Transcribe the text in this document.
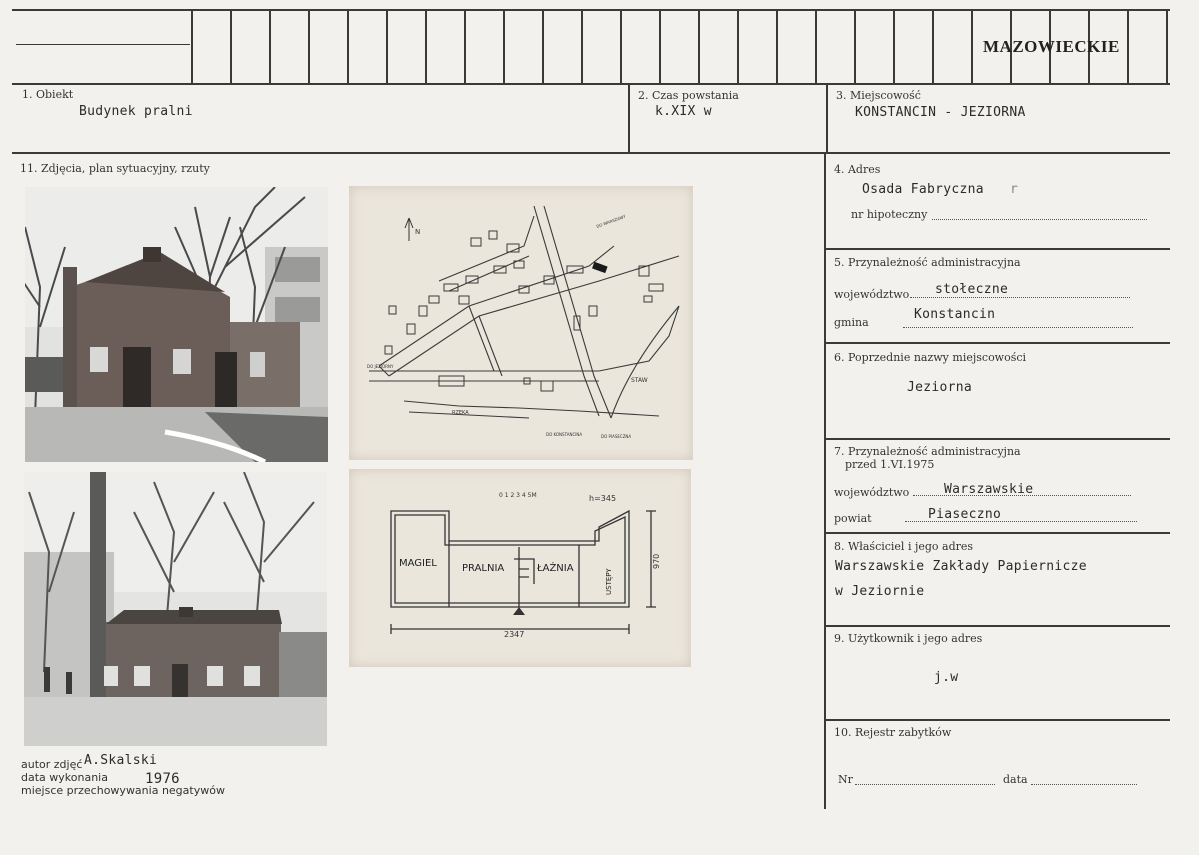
MAZOWIECKIE
1. Obiekt
Budynek pralni
2. Czas powstania
k.XIX w
3. Miejscowość
KONSTANCIN - JEZIORNA
11. Zdjęcia, plan sytuacyjny, rzuty	4. Adres
Osada Fabryczna r
nr hipoteczny
5. Przynależność administracyjna
województwo stołeczne
gmina
Konstancin
6. Poprzednie nazwy miejscowości
Jeziorna
7. Przynależność administracyjna
przed 1.VI.1975
województwo	Warszawskie
powiat	Piaseczno
8. Właściciel i jego adres
Warszawskie Zakłady Papiernicze
w Jeziornie
9. Użytkownik i jego adres
j.w
10. Rejestr zabytków
Nr	data
N
STAW
RZEKA
DO KONSTANCINA	DO PIASECZNA
DO JEZIORNY
DO WARSZAWY
0 1 2 3 4 5M	h=345
MAGIEL	PRALNIA	ŁAŹNIA	USTĘPY
2347
970
autor zdjęć A.Skalski
data wykonania	1976
miejsce przechowywania negatywów
